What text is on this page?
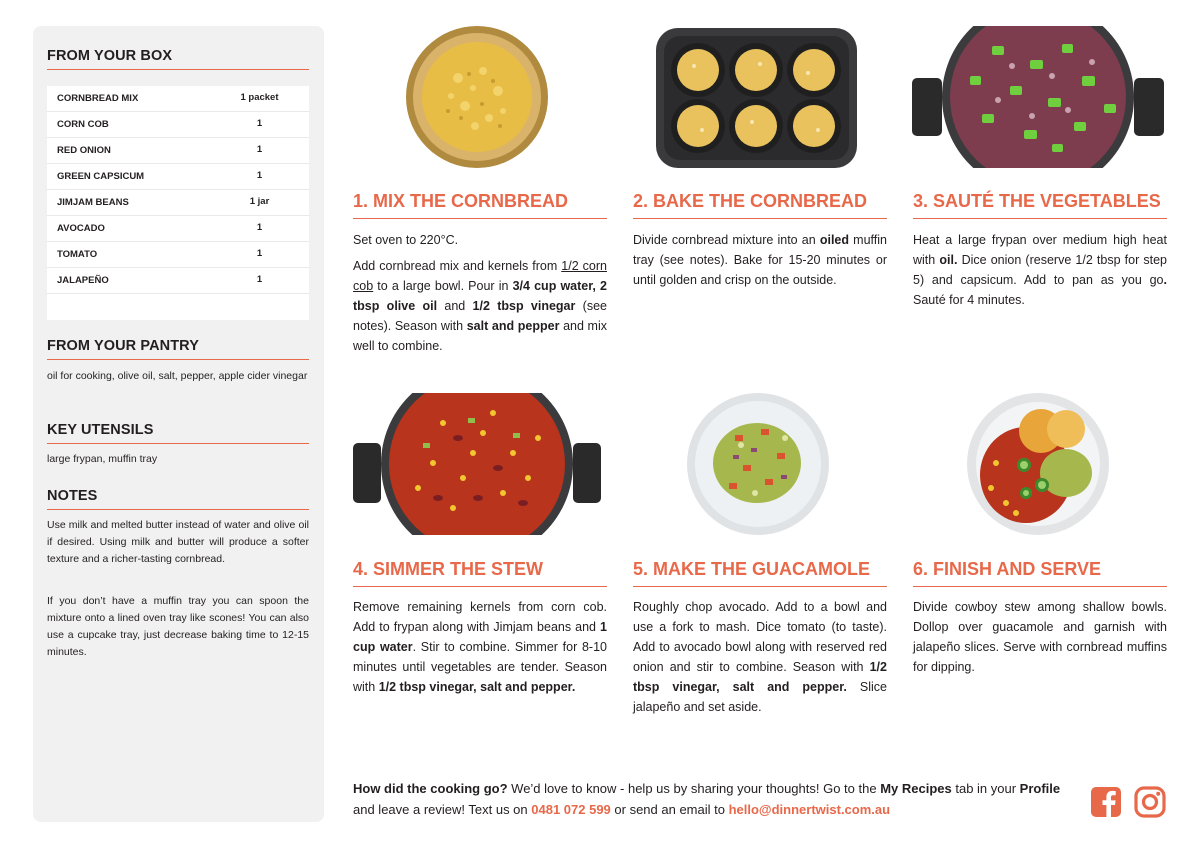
FROM YOUR BOX
CORNBREAD MIX	1 packet
CORN COB	1
RED ONION	1
GREEN CAPSICUM	1
JIMJAM BEANS	1 jar
AVOCADO	1
TOMATO	1
JALAPEÑO	1
FROM YOUR PANTRY
oil for cooking, olive oil, salt, pepper, apple cider vinegar
KEY UTENSILS
large frypan, muffin tray
NOTES
Use milk and melted butter instead of water and olive oil if desired. Using milk and butter will produce a softer texture and a richer-tasting cornbread.
If you don’t have a muffin tray you can spoon the mixture onto a lined oven tray like scones! You can also use a cupcake tray, just decrease baking time to 12-15 minutes.
1. MIX THE CORNBREAD

Set oven to 220°C.

Add cornbread mix and kernels from 1/2 corn cob to a large bowl. Pour in 3/4 cup water, 2 tbsp olive oil and 1/2 tbsp vinegar (see notes). Season with salt and pepper and mix well to combine.

2. BAKE THE CORNBREAD

Divide cornbread mixture into an oiled muffin tray (see notes). Bake for 15-20 minutes or until golden and crisp on the outside.

3. SAUTÉ THE VEGETABLES

Heat a large frypan over medium high heat with oil. Dice onion (reserve 1/2 tbsp for step 5) and capsicum. Add to pan as you go. Sauté for 4 minutes.

4. SIMMER THE STEW

Remove remaining kernels from corn cob. Add to frypan along with Jimjam beans and 1 cup water. Stir to combine. Simmer for 8-10 minutes until vegetables are tender. Season with 1/2 tbsp vinegar, salt and pepper.

5. MAKE THE GUACAMOLE

Roughly chop avocado. Add to a bowl and use a fork to mash. Dice tomato (to taste). Add to avocado bowl along with reserved red onion and stir to combine. Season with 1/2 tbsp vinegar, salt and pepper. Slice jalapeño and set aside.

6. FINISH AND SERVE

Divide cowboy stew among shallow bowls. Dollop over guacamole and garnish with jalapeño slices. Serve with cornbread muffins for dipping.

How did the cooking go? We’d love to know - help us by sharing your thoughts! Go to the My Recipes tab in your Profile and leave a review! Text us on 0481 072 599 or send an email to hello@dinnertwist.com.au
